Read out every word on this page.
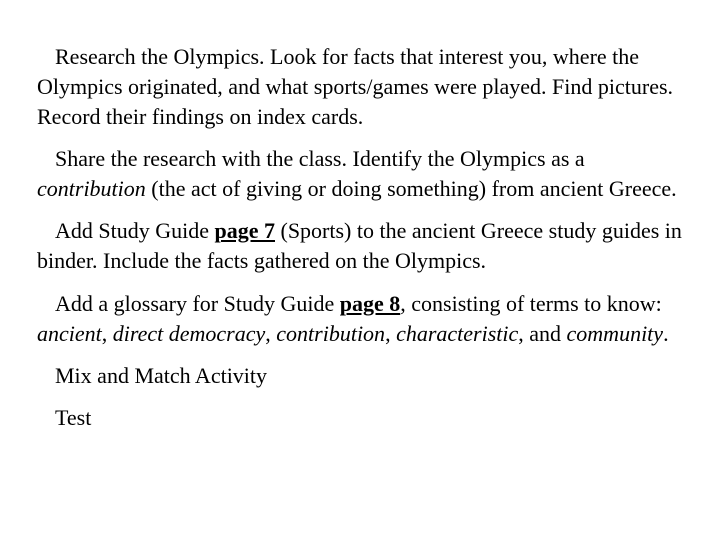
Research the Olympics. Look for facts that interest you, where the Olympics originated, and what sports/games were played. Find pictures. Record their findings on index cards.

Share the research with the class. Identify the Olympics as a contribution (the act of giving or doing something) from ancient Greece.

Add Study Guide page 7 (Sports) to the ancient Greece study guides in binder. Include the facts gathered on the Olympics.

Add a glossary for Study Guide page 8, consisting of terms to know: ancient, direct democracy, contribution, characteristic, and community.

Mix and Match Activity

Test
